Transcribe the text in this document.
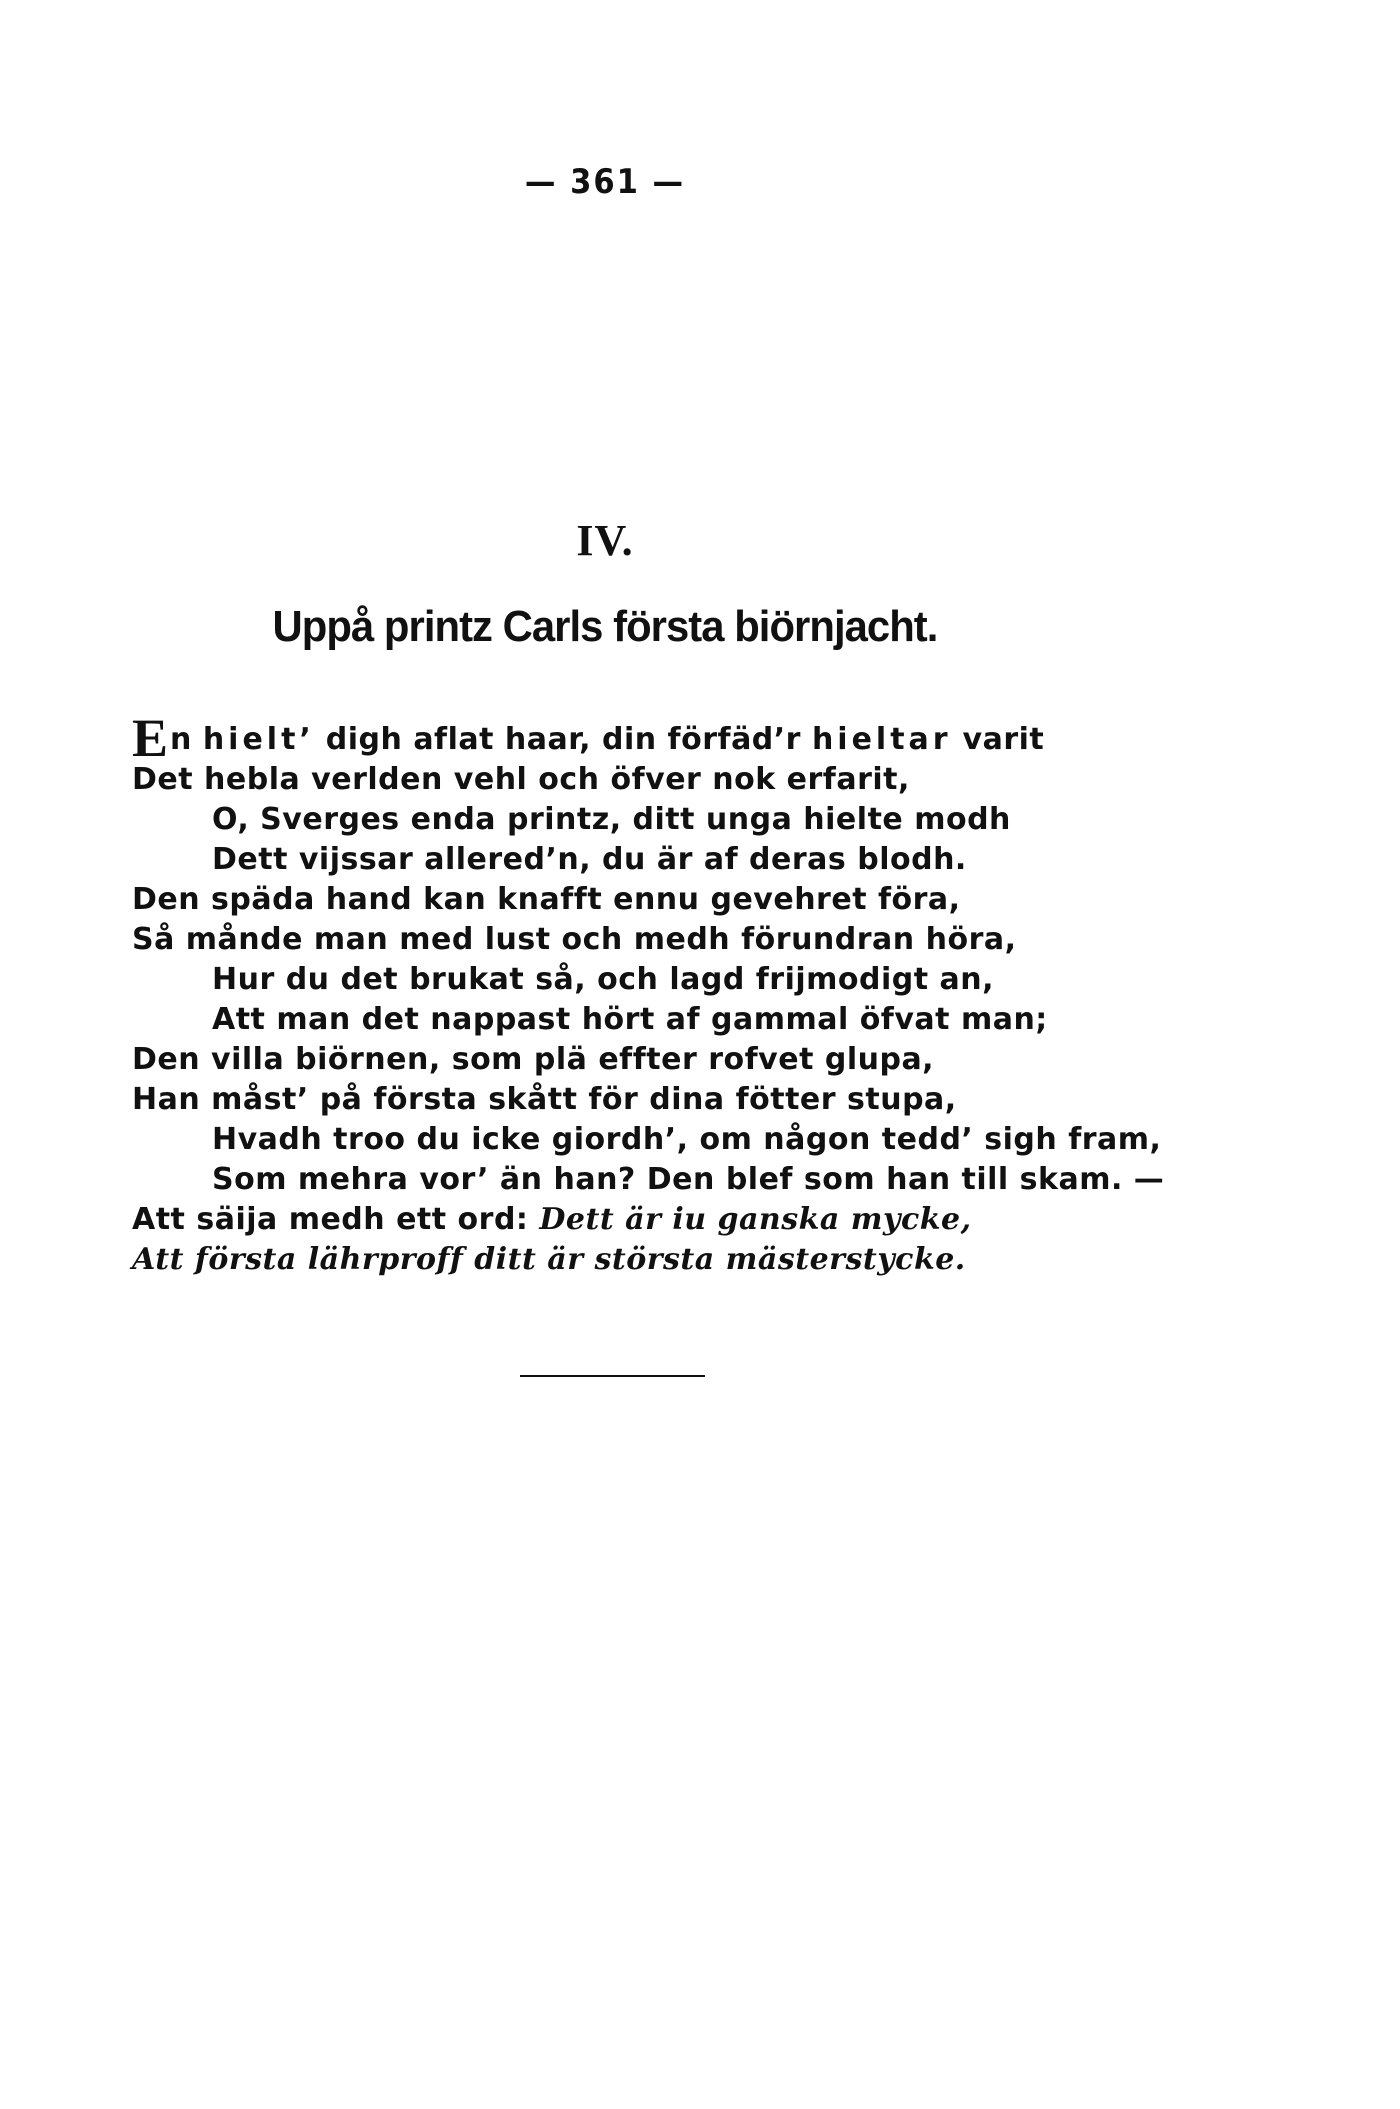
— 361 —
IV.
Uppå printz Carls första biörnjacht.
E n hielt’ digh aflat haar, din förfäd’r hieltar varit
Det hebla verlden vehl och öfver nok erfarit,
O, Sverges enda printz, ditt unga hielte modh
Dett vijssar allered’n, du är af deras blodh.
Den späda hand kan knafft ennu gevehret föra,
Så månde man med lust och medh förundran höra,
Hur du det brukat så, och lagd frijmodigt an,
Att man det nappast hört af gammal öfvat man;
Den villa biörnen, som plä effter rofvet glupa,
Han måst’ på första skått för dina fötter stupa,
Hvadh troo du icke giordh’, om någon tedd’ sigh fram,
Som mehra vor’ än han? Den blef som han till skam. —
Att säija medh ett ord: Dett är iu ganska mycke,
Att första lährproff ditt är största mästerstycke.
